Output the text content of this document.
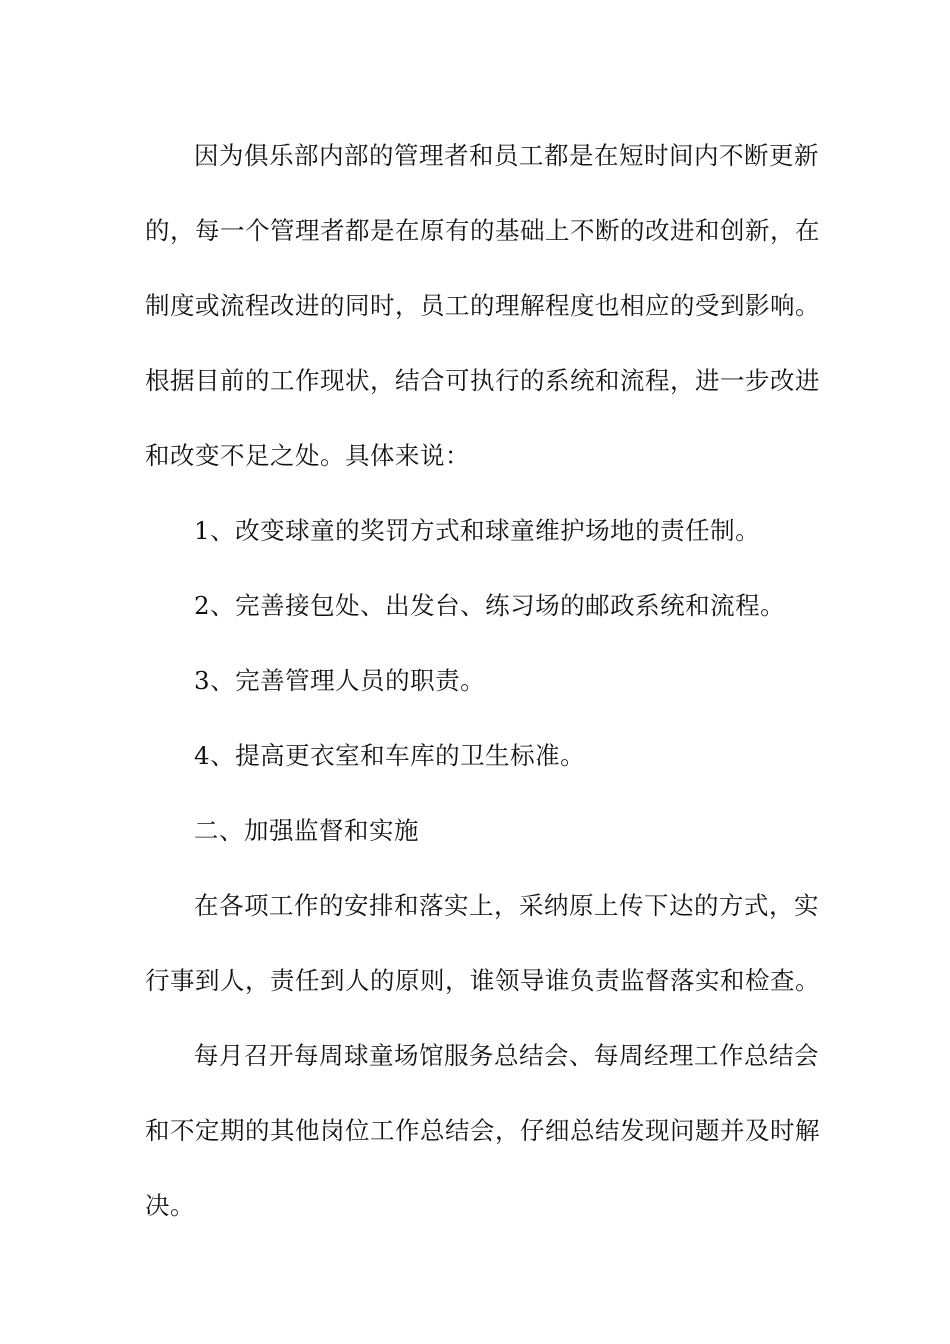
因为俱乐部内部的管理者和员工都是在短时间内不断更新
的，每一个管理者都是在原有的基础上不断的改进和创新，在
制度或流程改进的同时，员工的理解程度也相应的受到影响。
根据目前的工作现状，结合可执行的系统和流程，进一步改进
和改变不足之处。具体来说：
1、改变球童的奖罚方式和球童维护场地的责任制。
2、完善接包处、出发台、练习场的邮政系统和流程。
3、完善管理人员的职责。
4、提高更衣室和车库的卫生标准。
二、加强监督和实施
在各项工作的安排和落实上，采纳原上传下达的方式，实
行事到人，责任到人的原则，谁领导谁负责监督落实和检查。
每月召开每周球童场馆服务总结会、每周经理工作总结会
和不定期的其他岗位工作总结会，仔细总结发现问题并及时解
决。
